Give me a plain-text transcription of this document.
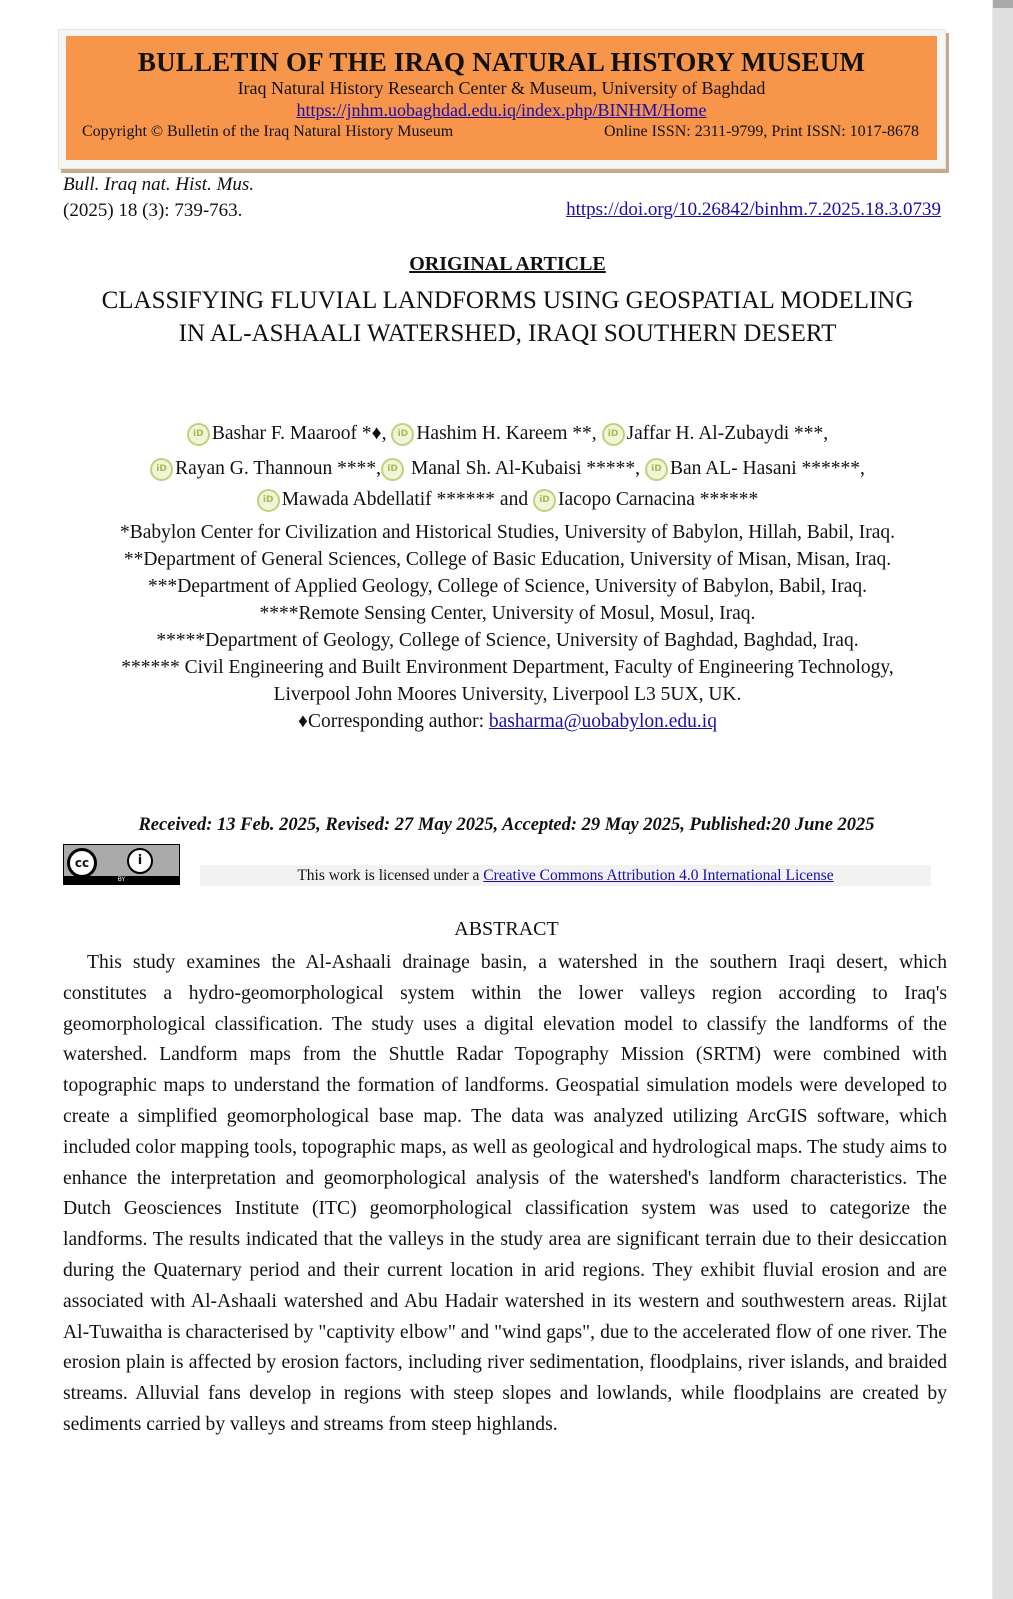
BULLETIN OF THE IRAQ NATURAL HISTORY MUSEUM
Iraq Natural History Research Center & Museum, University of Baghdad
https://jnhm.uobaghdad.edu.iq/index.php/BINHM/Home
Copyright © Bulletin of the Iraq Natural History Museum	Online ISSN: 2311-9799, Print ISSN: 1017-8678
Bull. Iraq nat. Hist. Mus.
(2025) 18 (3): 739-763.	https://doi.org/10.26842/binhm.7.2025.18.3.0739
ORIGINAL ARTICLE
CLASSIFYING FLUVIAL LANDFORMS USING GEOSPATIAL MODELING IN AL-ASHAALI WATERSHED, IRAQI SOUTHERN DESERT
iD Bashar F. Maaroof *♦, iD Hashim H. Kareem **, iD Jaffar H. Al-Zubaydi ***,
iD Rayan G. Thannoun ****, iD Manal Sh. Al-Kubaisi *****, iD Ban AL- Hasani ******,
iD Mawada Abdellatif ****** and iD Iacopo Carnacina ******
*Babylon Center for Civilization and Historical Studies, University of Babylon, Hillah, Babil, Iraq.
**Department of General Sciences, College of Basic Education, University of Misan, Misan, Iraq.
***Department of Applied Geology, College of Science, University of Babylon, Babil, Iraq.
****Remote Sensing Center, University of Mosul, Mosul, Iraq.
*****Department of Geology, College of Science, University of Baghdad, Baghdad, Iraq.
****** Civil Engineering and Built Environment Department, Faculty of Engineering Technology, Liverpool John Moores University, Liverpool L3 5UX, UK.
♦Corresponding author: basharma@uobabylon.edu.iq
Received: 13 Feb. 2025, Revised: 27 May 2025, Accepted: 29 May 2025, Published:20 June 2025
cc	i
BY	This work is licensed under a Creative Commons Attribution 4.0 International License
ABSTRACT
This study examines the Al-Ashaali drainage basin, a watershed in the southern Iraqi desert, which constitutes a hydro-geomorphological system within the lower valleys region according to Iraq's geomorphological classification. The study uses a digital elevation model to classify the landforms of the watershed. Landform maps from the Shuttle Radar Topography Mission (SRTM) were combined with topographic maps to understand the formation of landforms. Geospatial simulation models were developed to create a simplified geomorphological base map. The data was analyzed utilizing ArcGIS software, which included color mapping tools, topographic maps, as well as geological and hydrological maps. The study aims to enhance the interpretation and geomorphological analysis of the watershed's landform characteristics. The Dutch Geosciences Institute (ITC) geomorphological classification system was used to categorize the landforms. The results indicated that the valleys in the study area are significant terrain due to their desiccation during the Quaternary period and their current location in arid regions. They exhibit fluvial erosion and are associated with Al-Ashaali watershed and Abu Hadair watershed in its western and southwestern areas. Rijlat Al-Tuwaitha is characterised by "captivity elbow" and "wind gaps", due to the accelerated flow of one river. The erosion plain is affected by erosion factors, including river sedimentation, floodplains, river islands, and braided streams. Alluvial fans develop in regions with steep slopes and lowlands, while floodplains are created by sediments carried by valleys and streams from steep highlands.
